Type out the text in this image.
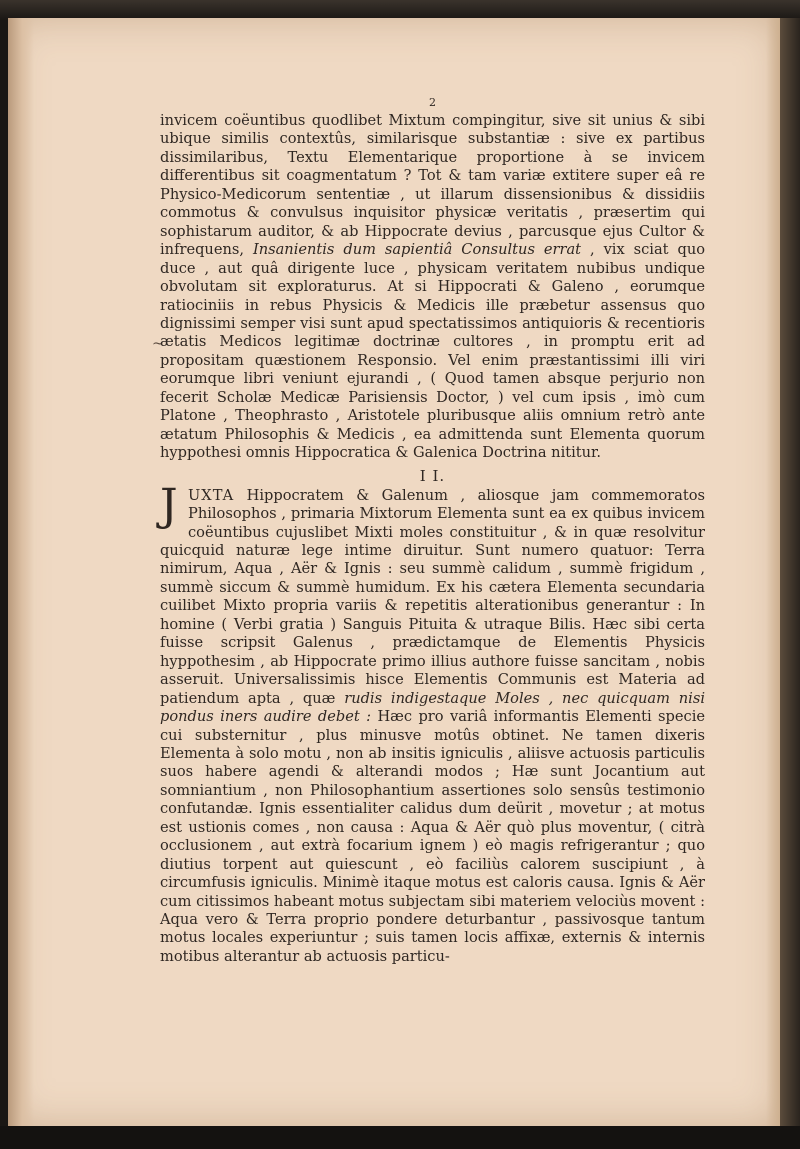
~
2

invicem coëuntibus quodlibet Mixtum compingitur, sive sit unius & sibi ubique similis contextûs, similarisque substantiæ : sive ex partibus dissimilaribus, Textu Elementarique proportione à se invicem differentibus sit coagmentatum ? Tot & tam variæ extitere super eâ re Physico-Medicorum sententiæ , ut illarum dissensionibus & dissidiis commotus & convulsus inquisitor physicæ veritatis , præsertim qui sophistarum auditor, & ab Hippocrate devius , parcusque ejus Cultor & infrequens, Insanientis dum sapientiâ Consultus errat , vix sciat quo duce , aut quâ dirigente luce , physicam veritatem nubibus undique obvolutam sit exploraturus. At si Hippocrati & Galeno , eorumque ratiociniis in rebus Physicis & Medicis ille præbetur assensus quo dignissimi semper visi sunt apud spectatissimos antiquioris & recentioris ætatis Medicos legitimæ doctrinæ cultores , in promptu erit ad propositam quæstionem Responsio. Vel enim præstantissimi illi viri eorumque libri veniunt ejurandi , ( Quod tamen absque perjurio non fecerit Scholæ Medicæ Parisiensis Doctor, ) vel cum ipsis , imò cum Platone , Theophrasto , Aristotele pluribusque aliis omnium retrò ante ætatum Philosophis & Medicis , ea admittenda sunt Elementa quorum hyppothesi omnis Hippocratica & Galenica Doctrina nititur.

I I.

JUXTA Hippocratem & Galenum , aliosque jam commemoratos Philosophos , primaria Mixtorum Elementa sunt ea ex quibus invicem coëuntibus cujuslibet Mixti moles constituitur , & in quæ resolvitur quicquid naturæ lege intime diruitur. Sunt numero quatuor: Terra nimirum, Aqua , Aër & Ignis : seu summè calidum , summè frigidum , summè siccum & summè humidum. Ex his cætera Elementa secundaria cuilibet Mixto propria variis & repetitis alterationibus generantur : In homine ( Verbi gratia ) Sanguis Pituita & utraque Bilis. Hæc sibi certa fuisse scripsit Galenus , prædictamque de Elementis Physicis hyppothesim , ab Hippocrate primo illius authore fuisse sancitam , nobis asseruit. Universalissimis hisce Elementis Communis est Materia ad patiendum apta , quæ rudis indigestaque Moles , nec quicquam nisi pondus iners audire debet : Hæc pro variâ informantis Elementi specie cui substernitur , plus minusve motûs obtinet. Ne tamen dixeris Elementa à solo motu , non ab insitis igniculis , aliisve actuosis particulis suos habere agendi & alterandi modos ; Hæ sunt Jocantium aut somniantium , non Philosophantium assertiones solo sensûs testimonio confutandæ. Ignis essentialiter calidus dum deürit , movetur ; at motus est ustionis comes , non causa : Aqua & Aër quò plus moventur, ( citrà occlusionem , aut extrà focarium ignem ) eò magis refrigerantur ; quo diutius torpent aut quiescunt , eò faciliùs calorem suscipiunt , à circumfusis igniculis. Minimè itaque motus est caloris causa. Ignis & Aër cum citissimos habeant motus subjectam sibi materiem velociùs movent : Aqua vero & Terra proprio pondere deturbantur , passivosque tantum motus locales experiuntur ; suis tamen locis affixæ, externis & internis motibus alterantur ab actuosis particu-
